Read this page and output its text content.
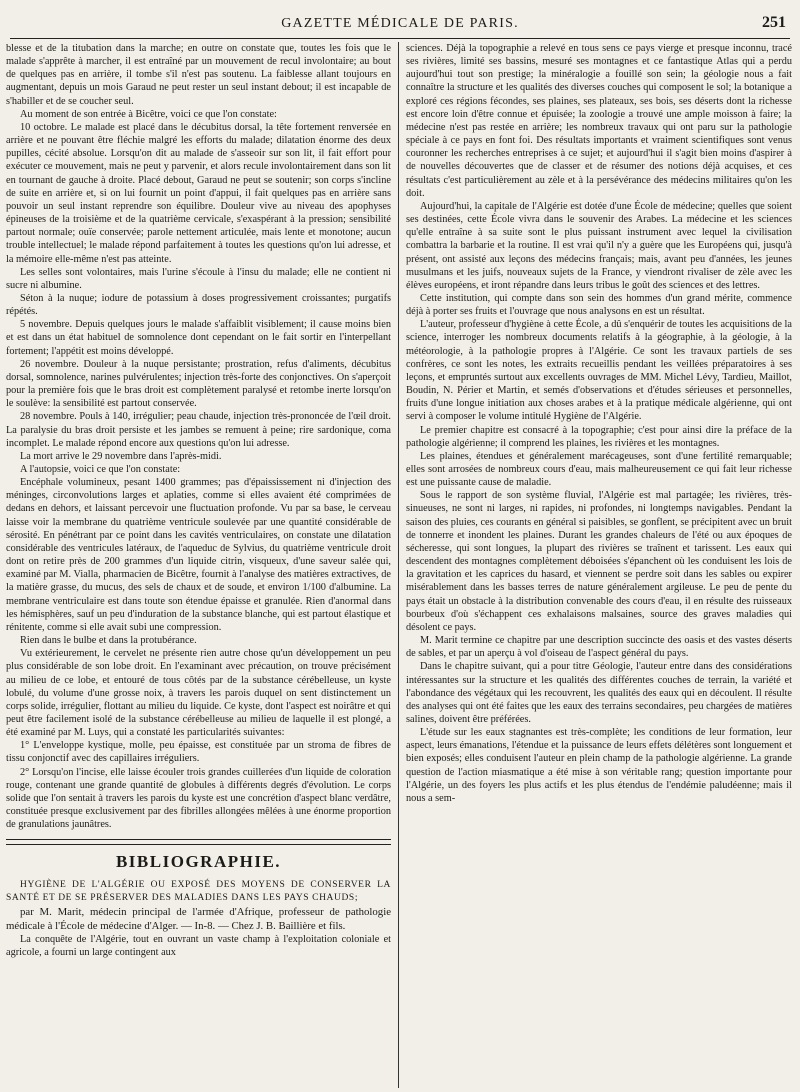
GAZETTE MÉDICALE DE PARIS.	251

blesse et de la titubation dans la marche; en outre on constate que, toutes les fois que le malade s'apprête à marcher, il est entraîné par un mouvement de recul involontaire; au bout de quelques pas en arrière, il tombe s'il n'est pas soutenu. La faiblesse allant toujours en augmentant, depuis un mois Garaud ne peut rester un seul instant debout; il est incapable de s'habiller et de se coucher seul.

Au moment de son entrée à Bicêtre, voici ce que l'on constate:

10 octobre. Le malade est placé dans le décubitus dorsal, la tête fortement renversée en arrière et ne pouvant être fléchie malgré les efforts du malade; dilatation énorme des deux pupilles, cécité absolue. Lorsqu'on dit au malade de s'asseoir sur son lit, il fait effort pour exécuter ce mouvement, mais ne peut y parvenir, et alors recule involontairement dans son lit en tournant de gauche à droite. Placé debout, Garaud ne peut se soutenir; son corps s'incline de suite en arrière et, si on lui fournit un point d'appui, il fait quelques pas en arrière sans pouvoir un seul instant reprendre son équilibre. Douleur vive au niveau des apophyses épineuses de la troisième et de la quatrième cervicale, s'exaspérant à la pression; sensibilité partout normale; ouïe conservée; parole nettement articulée, mais lente et monotone; aucun trouble intellectuel; le malade répond parfaitement à toutes les questions qu'on lui adresse, et la mémoire elle-même n'est pas atteinte.

Les selles sont volontaires, mais l'urine s'écoule à l'insu du malade; elle ne contient ni sucre ni albumine.

Séton à la nuque; iodure de potassium à doses progressivement croissantes; purgatifs répétés.

5 novembre. Depuis quelques jours le malade s'affaiblit visiblement; il cause moins bien et est dans un état habituel de somnolence dont cependant on le fait sortir en l'interpellant fortement; l'appétit est moins développé.

26 novembre. Douleur à la nuque persistante; prostration, refus d'aliments, décubitus dorsal, somnolence, narines pulvérulentes; injection très-forte des conjonctives. On s'aperçoit pour la première fois que le bras droit est complètement paralysé et retombe inerte lorsqu'on le soulève: la sensibilité est partout conservée.

28 novembre. Pouls à 140, irrégulier; peau chaude, injection très-prononcée de l'œil droit. La paralysie du bras droit persiste et les jambes se remuent à peine; rire sardonique, coma incomplet. Le malade répond encore aux questions qu'on lui adresse.

La mort arrive le 29 novembre dans l'après-midi.

A l'autopsie, voici ce que l'on constate:

Encéphale volumineux, pesant 1400 grammes; pas d'épaississement ni d'injection des méninges, circonvolutions larges et aplaties, comme si elles avaient été comprimées de dedans en dehors, et laissant percevoir une fluctuation profonde. Vu par sa base, le cerveau laisse voir la membrane du quatrième ventricule soulevée par une quantité considérable de sérosité. En pénétrant par ce point dans les cavités ventriculaires, on constate une dilatation considérable des ventricules latéraux, de l'aqueduc de Sylvius, du quatrième ventricule droit dont on retire près de 200 grammes d'un liquide citrin, visqueux, d'une saveur salée qui, examiné par M. Vialla, pharmacien de Bicêtre, fournit à l'analyse des matières extractives, de la matière grasse, du mucus, des sels de chaux et de soude, et environ 1/100 d'albumine. La membrane ventriculaire est dans toute son étendue épaisse et granulée. Rien d'anormal dans les hémisphères, sauf un peu d'induration de la substance blanche, qui est partout élastique et rénitente, comme si elle avait subi une compression.

Rien dans le bulbe et dans la protubérance.

Vu extérieurement, le cervelet ne présente rien autre chose qu'un développement un peu plus considérable de son lobe droit. En l'examinant avec précaution, on trouve précisément au milieu de ce lobe, et entouré de tous côtés par de la substance cérébelleuse, un kyste lobulé, du volume d'une grosse noix, à travers les parois duquel on sent distinctement un corps solide, irrégulier, flottant au milieu du liquide. Ce kyste, dont l'aspect est noirâtre et qui peut être facilement isolé de la substance cérébelleuse au milieu de laquelle il est plongé, a été examiné par M. Luys, qui a constaté les particularités suivantes:

1° L'enveloppe kystique, molle, peu épaisse, est constituée par un stroma de fibres de tissu conjonctif avec des capillaires irréguliers.

2° Lorsqu'on l'incise, elle laisse écouler trois grandes cuillerées d'un liquide de coloration rouge, contenant une grande quantité de globules à différents degrés d'évolution. Le corps solide que l'on sentait à travers les parois du kyste est une concrétion d'aspect blanc verdâtre, constituée presque exclusivement par des fibrilles allongées mêlées à une énorme proportion de granulations jaunâtres.

BIBLIOGRAPHIE.

HYGIÈNE DE L'ALGÉRIE OU EXPOSÉ DES MOYENS DE CONSERVER LA SANTÉ ET DE SE PRÉSERVER DES MALADIES DANS LES PAYS CHAUDS;

par M. Marit, médecin principal de l'armée d'Afrique, professeur de pathologie médicale à l'École de médecine d'Alger. — In-8. — Chez J. B. Baillière et fils.

La conquête de l'Algérie, tout en ouvrant un vaste champ à l'exploitation coloniale et agricole, a fourni un large contingent aux

sciences. Déjà la topographie a relevé en tous sens ce pays vierge et presque inconnu, tracé ses rivières, limité ses bassins, mesuré ses montagnes et ce fantastique Atlas qui a perdu aujourd'hui tout son prestige; la minéralogie a fouillé son sein; la géologie nous a fait connaître la structure et les qualités des diverses couches qui composent le sol; la botanique a exploré ces régions fécondes, ses plaines, ses plateaux, ses bois, ses déserts dont la richesse est encore loin d'être connue et épuisée; la zoologie a trouvé une ample moisson à faire; la médecine n'est pas restée en arrière; les nombreux travaux qui ont paru sur la pathologie spéciale à ce pays en font foi. Des résultats importants et vraiment scientifiques sont venus couronner les recherches entreprises à ce sujet; et aujourd'hui il s'agit bien moins d'aspirer à de nouvelles découvertes que de classer et de résumer des notions déjà acquises, et ces résultats c'est particulièrement au zèle et à la persévérance des médecins militaires qu'on les doit.

Aujourd'hui, la capitale de l'Algérie est dotée d'une École de médecine; quelles que soient ses destinées, cette École vivra dans le souvenir des Arabes. La médecine et les sciences qu'elle entraîne à sa suite sont le plus puissant instrument avec lequel la civilisation combattra la barbarie et la routine. Il est vrai qu'il n'y a guère que les Européens qui, jusqu'à présent, ont assisté aux leçons des médecins français; mais, avant peu d'années, les jeunes musulmans et les juifs, nouveaux sujets de la France, y viendront rivaliser de zèle avec les élèves européens, et iront répandre dans leurs tribus le goût des sciences et des lettres.

Cette institution, qui compte dans son sein des hommes d'un grand mérite, commence déjà à porter ses fruits et l'ouvrage que nous analysons en est un résultat.

L'auteur, professeur d'hygiène à cette École, a dû s'enquérir de toutes les acquisitions de la science, interroger les nombreux documents relatifs à la géographie, à la géologie, à la météorologie, à la pathologie propres à l'Algérie. Ce sont les travaux partiels de ses confrères, ce sont les notes, les extraits recueillis pendant les veillées préparatoires à ses leçons, et empruntés surtout aux excellents ouvrages de MM. Michel Lévy, Tardieu, Maillot, Boudin, N. Périer et Martin, et semés d'observations et d'études sérieuses et personnelles, fruits d'une longue initiation aux choses arabes et à la pratique médicale algérienne, qui ont servi à composer le volume intitulé Hygiène de l'Algérie.

Le premier chapitre est consacré à la topographie; c'est pour ainsi dire la préface de la pathologie algérienne; il comprend les plaines, les rivières et les montagnes.

Les plaines, étendues et généralement marécageuses, sont d'une fertilité remarquable; elles sont arrosées de nombreux cours d'eau, mais malheureusement ce qui fait leur richesse est une puissante cause de maladie.

Sous le rapport de son système fluvial, l'Algérie est mal partagée; les rivières, très-sinueuses, ne sont ni larges, ni rapides, ni profondes, ni longtemps navigables. Pendant la saison des pluies, ces courants en général si paisibles, se gonflent, se précipitent avec un bruit de tonnerre et inondent les plaines. Durant les grandes chaleurs de l'été ou aux époques de sécheresse, qui sont longues, la plupart des rivières se traînent et tarissent. Les eaux qui descendent des montagnes complètement déboisées s'épanchent où les conduisent les lois de la gravitation et les caprices du hasard, et viennent se perdre soit dans les sables ou expirer misérablement dans les basses terres de nature généralement argileuse. Le peu de pente du pays était un obstacle à la distribution convenable des cours d'eau, il en résulte des ruisseaux bourbeux d'où s'échappent ces exhalaisons malsaines, source des graves maladies qui désolent ce pays.

M. Marit termine ce chapitre par une description succincte des oasis et des vastes déserts de sables, et par un aperçu à vol d'oiseau de l'aspect général du pays.

Dans le chapitre suivant, qui a pour titre Géologie, l'auteur entre dans des considérations intéressantes sur la structure et les qualités des différentes couches de terrain, la variété et l'abondance des végétaux qui les recouvrent, les qualités des eaux qui en découlent. Il résulte des analyses qui ont été faites que les eaux des terrains secondaires, peu chargées de matières salines, doivent être préférées.

L'étude sur les eaux stagnantes est très-complète; les conditions de leur formation, leur aspect, leurs émanations, l'étendue et la puissance de leurs effets délétères sont longuement et bien exposés; elles conduisent l'auteur en plein champ de la pathologie algérienne. La grande question de l'action miasmatique a été mise à son véritable rang; question importante pour l'Algérie, un des foyers les plus actifs et les plus étendus de l'endémie paludéenne; mais il nous a sem-
